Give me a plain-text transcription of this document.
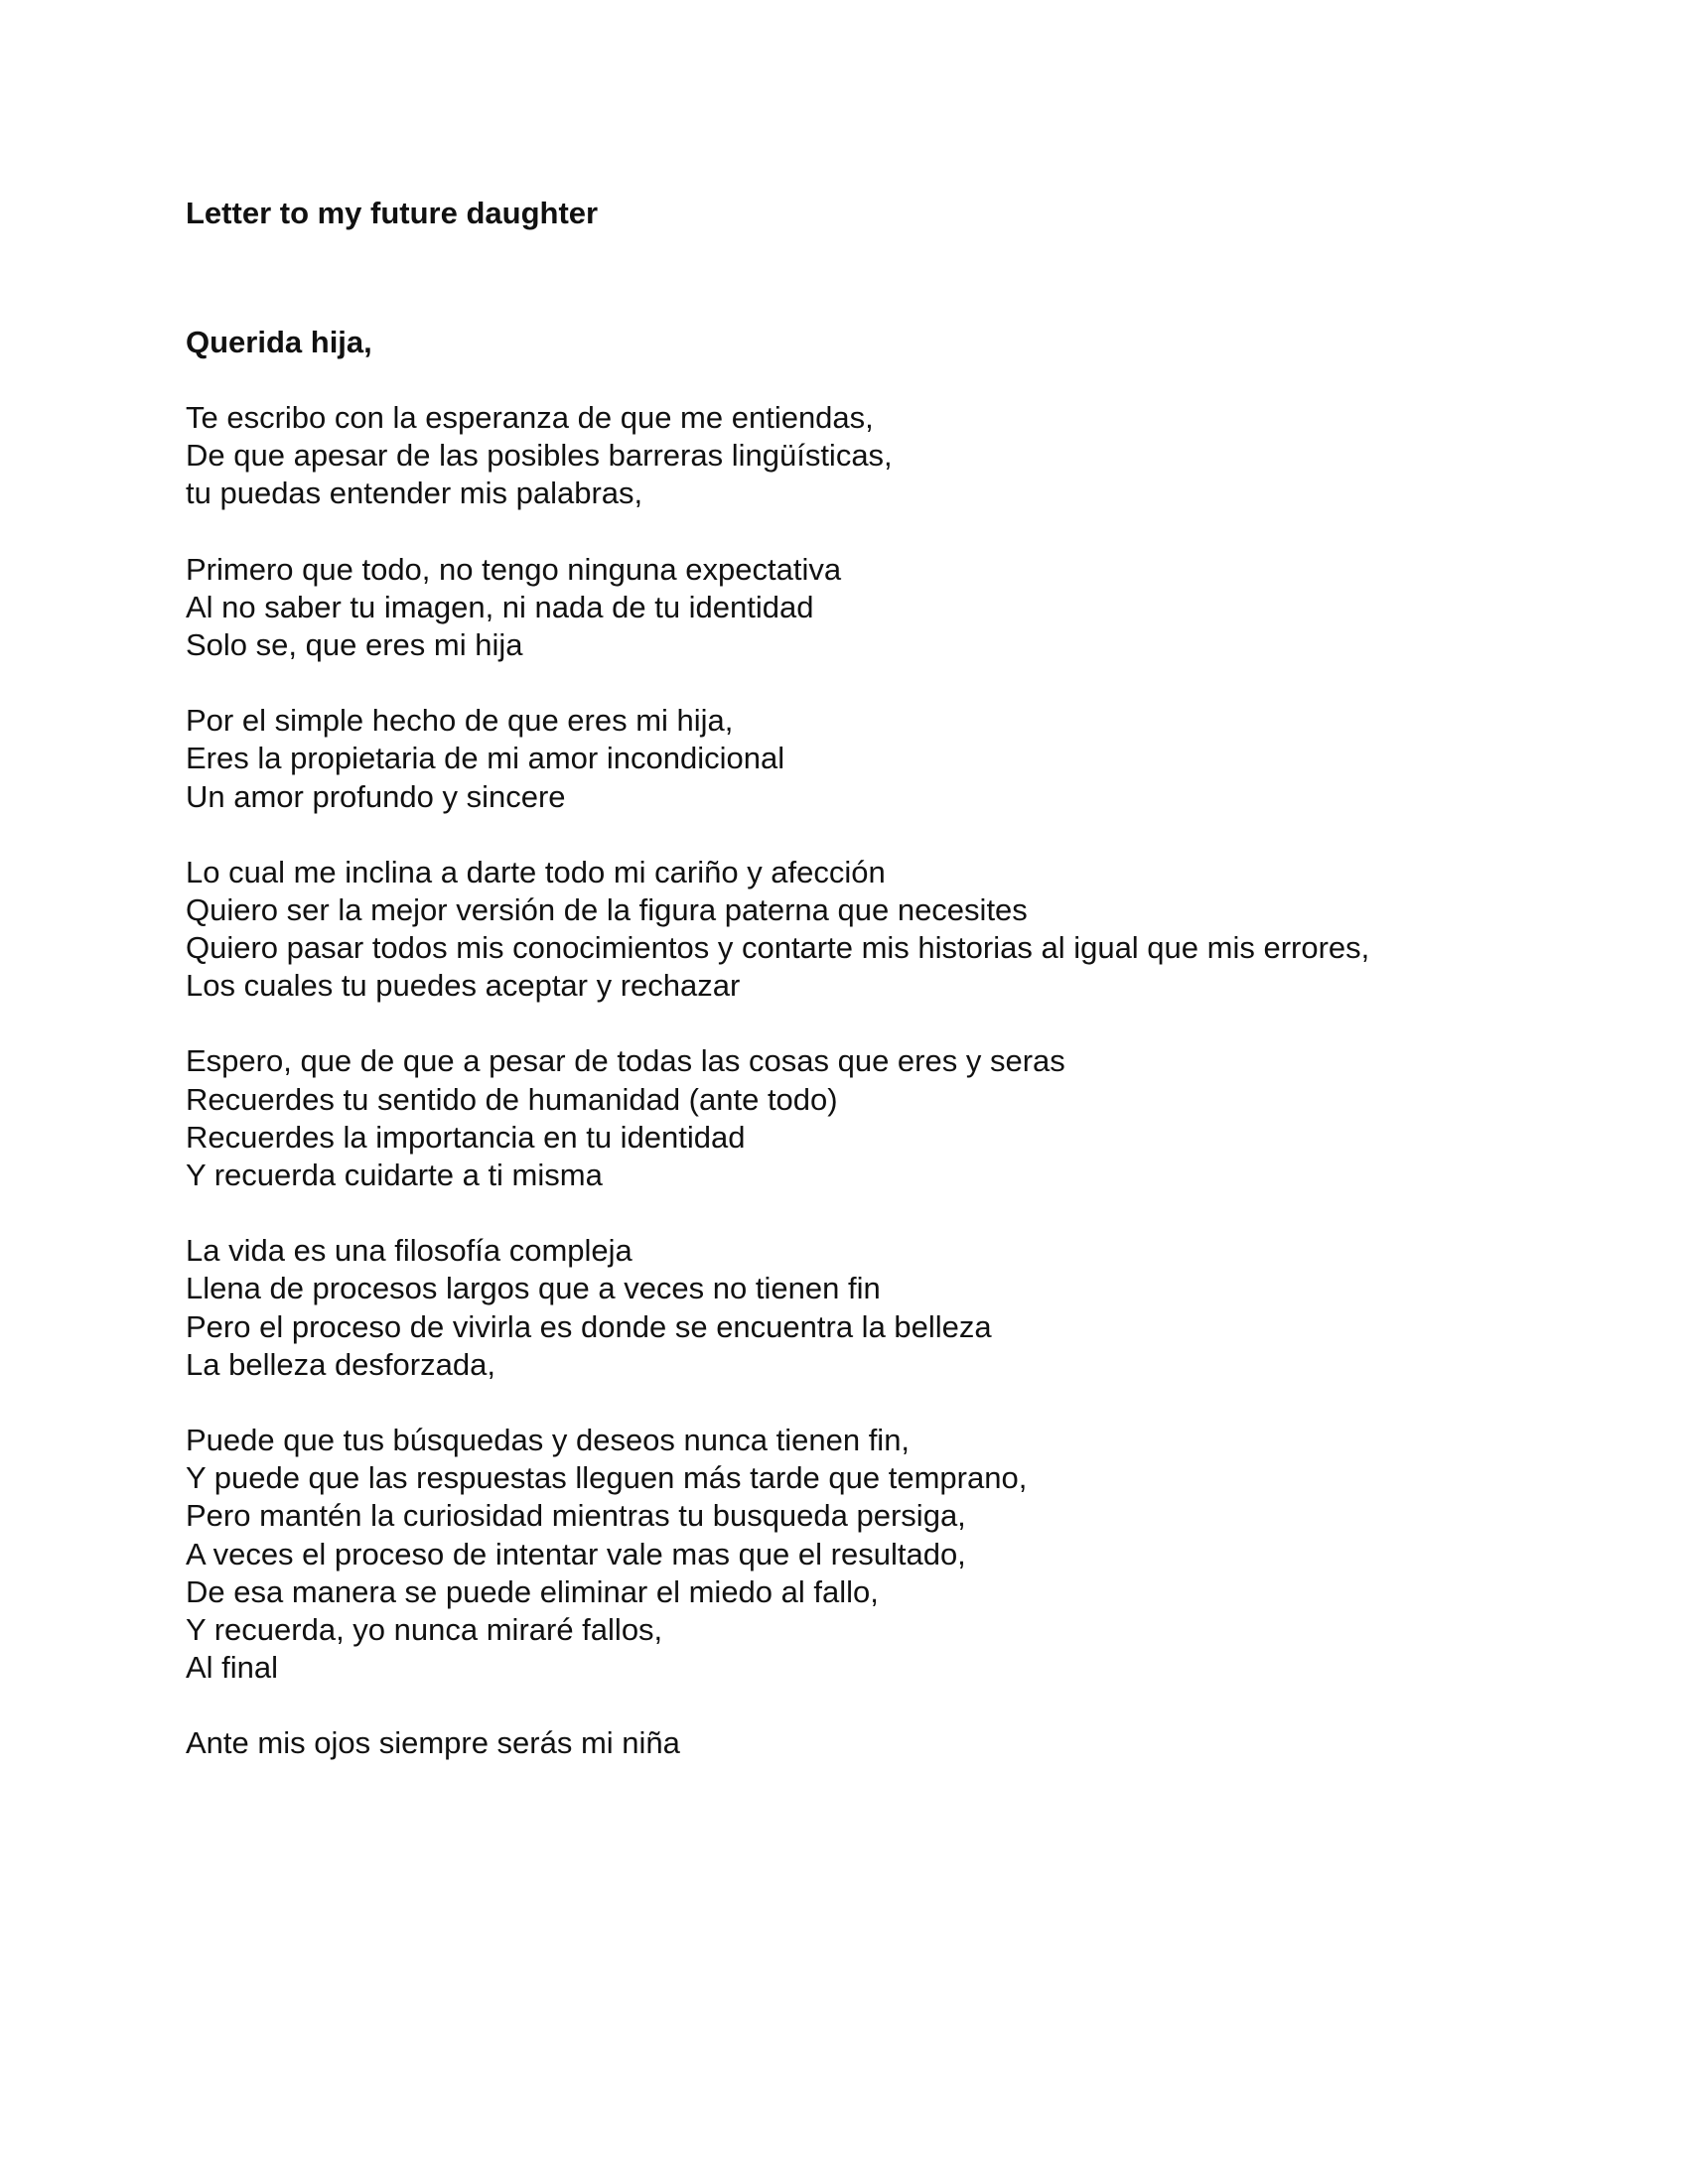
Letter to my future daughter
Querida hija,
Te escribo con la esperanza de que me entiendas,
De que apesar de las posibles barreras lingüísticas,
tu puedas entender mis palabras,
Primero que todo, no tengo ninguna expectativa
Al no saber tu imagen, ni nada de tu identidad
Solo se, que eres mi hija
Por el simple hecho de que eres mi hija,
Eres la propietaria de mi amor incondicional
Un amor profundo y sincere
Lo cual me inclina a darte todo mi cariño y afección
Quiero ser la mejor versión de la figura paterna que necesites
Quiero pasar todos mis conocimientos y contarte mis historias al igual que mis errores,
Los cuales tu puedes aceptar y rechazar
Espero, que de que a pesar de todas las cosas que eres y seras
Recuerdes tu sentido de humanidad (ante todo)
Recuerdes la importancia en tu identidad
Y recuerda cuidarte a ti misma
La vida es una filosofía compleja
Llena de procesos largos que a veces no tienen fin
Pero el proceso de vivirla es donde se encuentra la belleza
La belleza desforzada,
Puede que tus búsquedas y deseos nunca tienen fin,
Y puede que las respuestas lleguen más tarde que temprano,
Pero mantén la curiosidad mientras tu busqueda persiga,
A veces el proceso de intentar vale mas que el resultado,
De esa manera se puede eliminar el miedo al fallo,
Y recuerda, yo nunca miraré fallos,
Al final
Ante mis ojos siempre serás mi niña
